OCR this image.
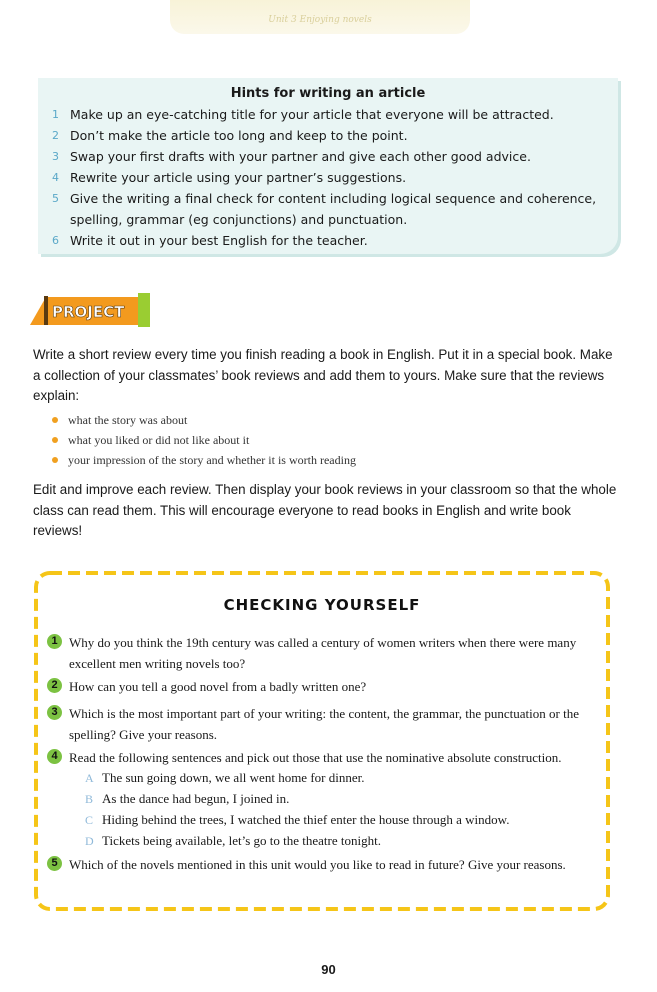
Unit 3 Enjoying novels
Hints for writing an article
1 Make up an eye-catching title for your article that everyone will be attracted.
2 Don’t make the article too long and keep to the point.
3 Swap your first drafts with your partner and give each other good advice.
4 Rewrite your article using your partner’s suggestions.
5 Give the writing a final check for content including logical sequence and coherence, spelling, grammar (eg conjunctions) and punctuation.
6 Write it out in your best English for the teacher.
PROJECT
Write a short review every time you finish reading a book in English. Put it in a special book. Make a collection of your classmates’ book reviews and add them to yours. Make sure that the reviews explain:
what the story was about
what you liked or did not like about it
your impression of the story and whether it is worth reading
Edit and improve each review. Then display your book reviews in your classroom so that the whole class can read them. This will encourage everyone to read books in English and write book reviews!
CHECKING YOURSELF
1 Why do you think the 19th century was called a century of women writers when there were many excellent men writing novels too?
2 How can you tell a good novel from a badly written one?
3 Which is the most important part of your writing: the content, the grammar, the punctuation or the spelling? Give your reasons.
4 Read the following sentences and pick out those that use the nominative absolute construction.
A The sun going down, we all went home for dinner.
B As the dance had begun, I joined in.
C Hiding behind the trees, I watched the thief enter the house through a window.
D Tickets being available, let’s go to the theatre tonight.
5 Which of the novels mentioned in this unit would you like to read in future? Give your reasons.
90
